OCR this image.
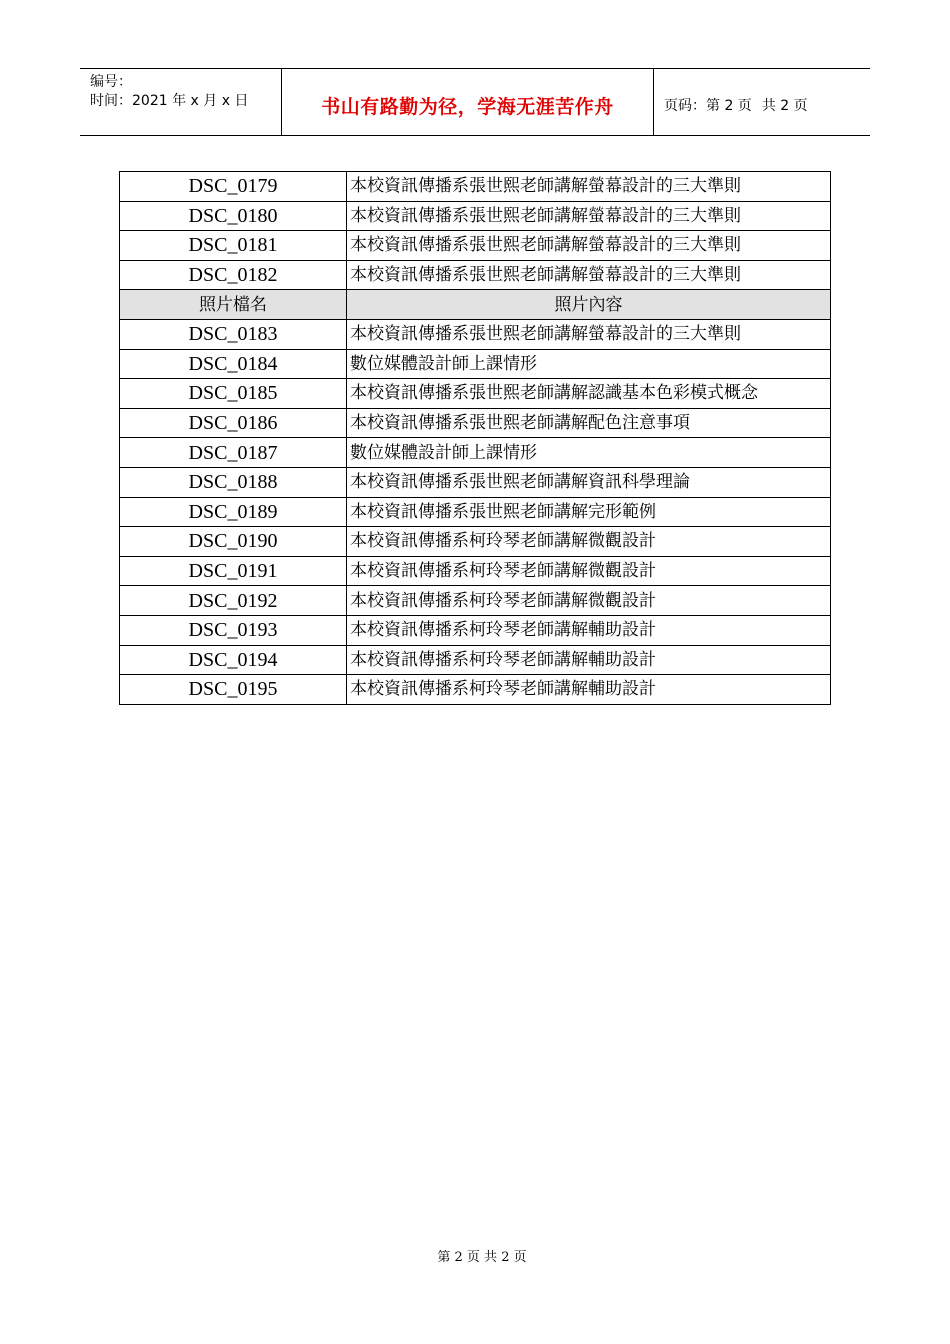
编号：
时间：2021 年 x 月 x 日	书山有路勤为径，学海无涯苦作舟	页码：第 2 页 共 2 页
DSC_0179	本校資訊傳播系張世熙老師講解螢幕設計的三大準則
DSC_0180	本校資訊傳播系張世熙老師講解螢幕設計的三大準則
DSC_0181	本校資訊傳播系張世熙老師講解螢幕設計的三大準則
DSC_0182	本校資訊傳播系張世熙老師講解螢幕設計的三大準則
照片檔名	照片內容
DSC_0183	本校資訊傳播系張世熙老師講解螢幕設計的三大準則
DSC_0184	數位媒體設計師上課情形
DSC_0185	本校資訊傳播系張世熙老師講解認識基本色彩模式概念
DSC_0186	本校資訊傳播系張世熙老師講解配色注意事項
DSC_0187	數位媒體設計師上課情形
DSC_0188	本校資訊傳播系張世熙老師講解資訊科學理論
DSC_0189	本校資訊傳播系張世熙老師講解完形範例
DSC_0190	本校資訊傳播系柯玲琴老師講解微觀設計
DSC_0191	本校資訊傳播系柯玲琴老師講解微觀設計
DSC_0192	本校資訊傳播系柯玲琴老師講解微觀設計
DSC_0193	本校資訊傳播系柯玲琴老師講解輔助設計
DSC_0194	本校資訊傳播系柯玲琴老師講解輔助設計
DSC_0195	本校資訊傳播系柯玲琴老師講解輔助設計
第 2 页 共 2 页
